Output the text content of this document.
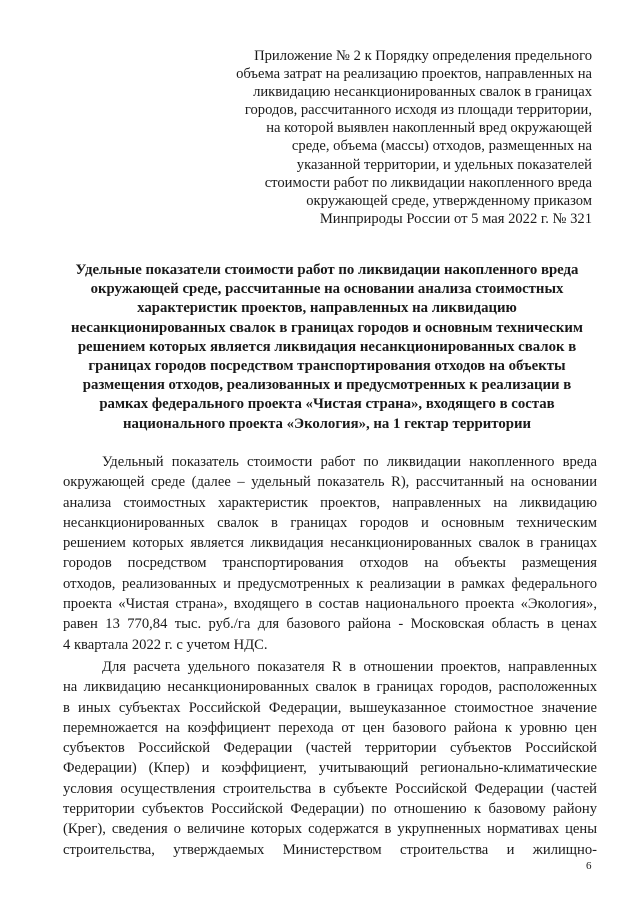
Приложение № 2 к Порядку определения предельного
объема затрат на реализацию проектов, направленных на
ликвидацию несанкционированных свалок в границах
городов, рассчитанного исходя из площади территории,
на которой выявлен накопленный вред окружающей
среде, объема (массы) отходов, размещенных на
указанной территории, и удельных показателей
стоимости работ по ликвидации накопленного вреда
окружающей среде, утвержденному приказом
Минприроды России от 5 мая 2022 г. № 321
Удельные показатели стоимости работ по ликвидации накопленного вреда
окружающей среде, рассчитанные на основании анализа стоимостных
характеристик проектов, направленных на ликвидацию
несанкционированных свалок в границах городов и основным техническим
решением которых является ликвидация несанкционированных свалок в
границах городов посредством транспортирования отходов на объекты
размещения отходов, реализованных и предусмотренных к реализации в
рамках федерального проекта «Чистая страна», входящего в состав
национального проекта «Экология», на 1 гектар территории
Удельный показатель стоимости работ по ликвидации накопленного вреда
окружающей среде (далее – удельный показатель R), рассчитанный на основании
анализа стоимостных характеристик проектов, направленных на ликвидацию
несанкционированных свалок в границах городов и основным техническим
решением которых является ликвидация несанкционированных свалок в границах
городов посредством транспортирования отходов на объекты размещения
отходов, реализованных и предусмотренных к реализации в рамках федерального
проекта «Чистая страна», входящего в состав национального проекта «Экология»,
равен 13 770,84 тыс. руб./га для базового района - Московская область в ценах
4 квартала 2022 г. с учетом НДС.
Для расчета удельного показателя R в отношении проектов, направленных
на ликвидацию несанкционированных свалок в границах городов, расположенных
в иных субъектах Российской Федерации, вышеуказанное стоимостное значение
перемножается на коэффициент перехода от цен базового района к уровню цен
субъектов Российской Федерации (частей территории субъектов Российской
Федерации) (Кпер) и коэффициент, учитывающий регионально-климатические
условия осуществления строительства в субъекте Российской Федерации (частей
территории субъектов Российской Федерации) по отношению к базовому району
(Крег), сведения о величине которых содержатся в укрупненных нормативах цены
строительства, утверждаемых Министерством строительства и жилищно-
6
